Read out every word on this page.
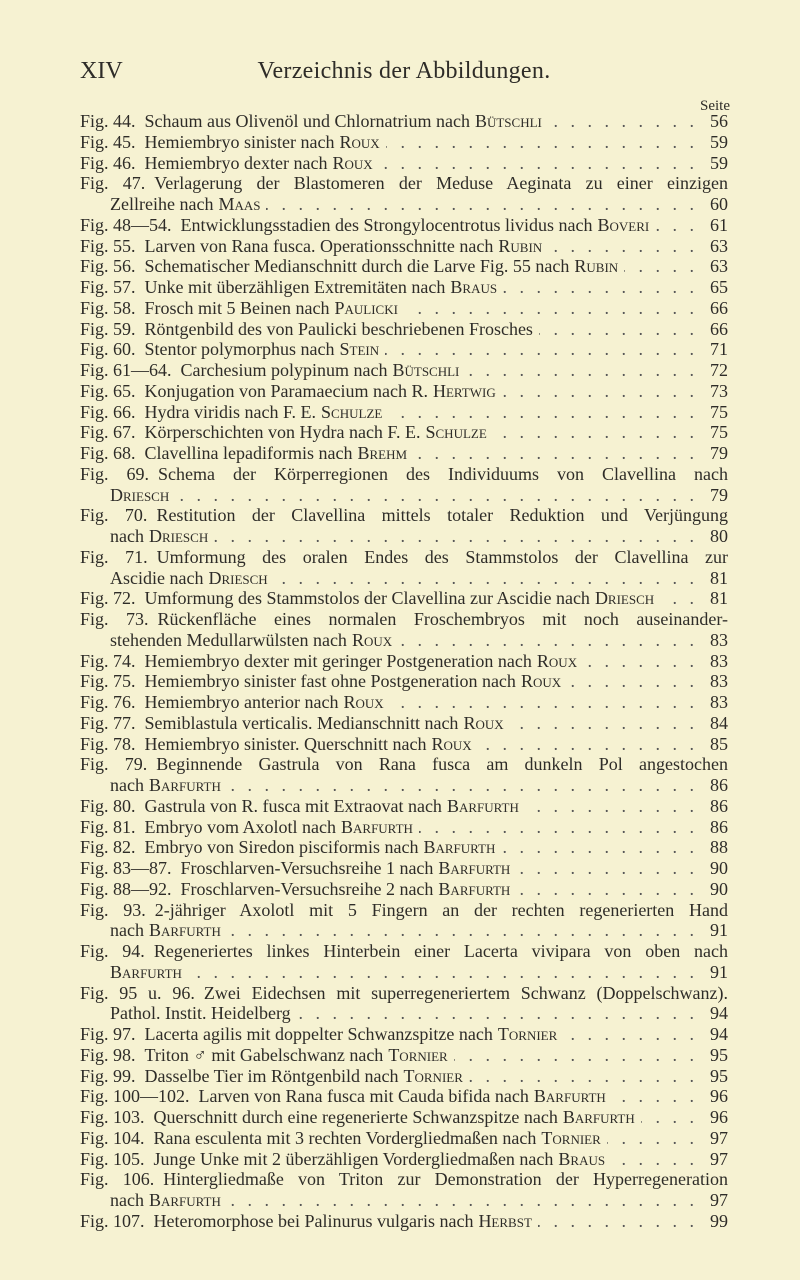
XIV	Verzeichnis der Abbildungen.
Seite
Fig. 44. Schaum aus Olivenöl und Chlornatrium nach Bütschli . . .	56
Fig. 45. Hemiembryo sinister nach Roux . . .	59
Fig. 46. Hemiembryo dexter nach Roux . . .	59
Fig. 47. Verlagerung der Blastomeren der Meduse Aeginata zu einer einzigen
Zellreihe nach Maas . . .	60
Fig. 48—54. Entwicklungsstadien des Strongylocentrotus lividus nach Boveri . . .	61
Fig. 55. Larven von Rana fusca. Operationsschnitte nach Rubin . . .	63
Fig. 56. Schematischer Medianschnitt durch die Larve Fig. 55 nach Rubin . . .	63
Fig. 57. Unke mit überzähligen Extremitäten nach Braus . . .	65
Fig. 58. Frosch mit 5 Beinen nach Paulicki . . .	66
Fig. 59. Röntgenbild des von Paulicki beschriebenen Frosches . . .	66
Fig. 60. Stentor polymorphus nach Stein . . .	71
Fig. 61—64. Carchesium polypinum nach Bütschli . . .	72
Fig. 65. Konjugation von Paramaecium nach R. Hertwig . . .	73
Fig. 66. Hydra viridis nach F. E. Schulze . . .	75
Fig. 67. Körperschichten von Hydra nach F. E. Schulze . . .	75
Fig. 68. Clavellina lepadiformis nach Brehm . . .	79
Fig. 69. Schema der Körperregionen des Individuums von Clavellina nach
Driesch . . .	79
Fig. 70. Restitution der Clavellina mittels totaler Reduktion und Verjüngung
nach Driesch . . .	80
Fig. 71. Umformung des oralen Endes des Stammstolos der Clavellina zur
Ascidie nach Driesch . . .	81
Fig. 72. Umformung des Stammstolos der Clavellina zur Ascidie nach Driesch . . .	81
Fig. 73. Rückenfläche eines normalen Froschembryos mit noch auseinander-
stehenden Medullarwülsten nach Roux . . .	83
Fig. 74. Hemiembryo dexter mit geringer Postgeneration nach Roux . . .	83
Fig. 75. Hemiembryo sinister fast ohne Postgeneration nach Roux . . .	83
Fig. 76. Hemiembryo anterior nach Roux . . .	83
Fig. 77. Semiblastula verticalis. Medianschnitt nach Roux . . .	84
Fig. 78. Hemiembryo sinister. Querschnitt nach Roux . . .	85
Fig. 79. Beginnende Gastrula von Rana fusca am dunkeln Pol angestochen
nach Barfurth . . .	86
Fig. 80. Gastrula von R. fusca mit Extraovat nach Barfurth . . .	86
Fig. 81. Embryo vom Axolotl nach Barfurth . . .	86
Fig. 82. Embryo von Siredon pisciformis nach Barfurth . . .	88
Fig. 83—87. Froschlarven-Versuchsreihe 1 nach Barfurth . . .	90
Fig. 88—92. Froschlarven-Versuchsreihe 2 nach Barfurth . . .	90
Fig. 93. 2-jähriger Axolotl mit 5 Fingern an der rechten regenerierten Hand
nach Barfurth . . .	91
Fig. 94. Regeneriertes linkes Hinterbein einer Lacerta vivipara von oben nach
Barfurth . . .	91
Fig. 95 u. 96. Zwei Eidechsen mit superregeneriertem Schwanz (Doppelschwanz).
Pathol. Instit. Heidelberg . . .	94
Fig. 97. Lacerta agilis mit doppelter Schwanzspitze nach Tornier . . .	94
Fig. 98. Triton ♂ mit Gabelschwanz nach Tornier . . .	95
Fig. 99. Dasselbe Tier im Röntgenbild nach Tornier . . .	95
Fig. 100—102. Larven von Rana fusca mit Cauda bifida nach Barfurth . . .	96
Fig. 103. Querschnitt durch eine regenerierte Schwanzspitze nach Barfurth . . .	96
Fig. 104. Rana esculenta mit 3 rechten Vordergliedmaßen nach Tornier . . .	97
Fig. 105. Junge Unke mit 2 überzähligen Vordergliedmaßen nach Braus . . .	97
Fig. 106. Hintergliedmaße von Triton zur Demonstration der Hyperregeneration
nach Barfurth . . .	97
Fig. 107. Heteromorphose bei Palinurus vulgaris nach Herbst . . .	99
